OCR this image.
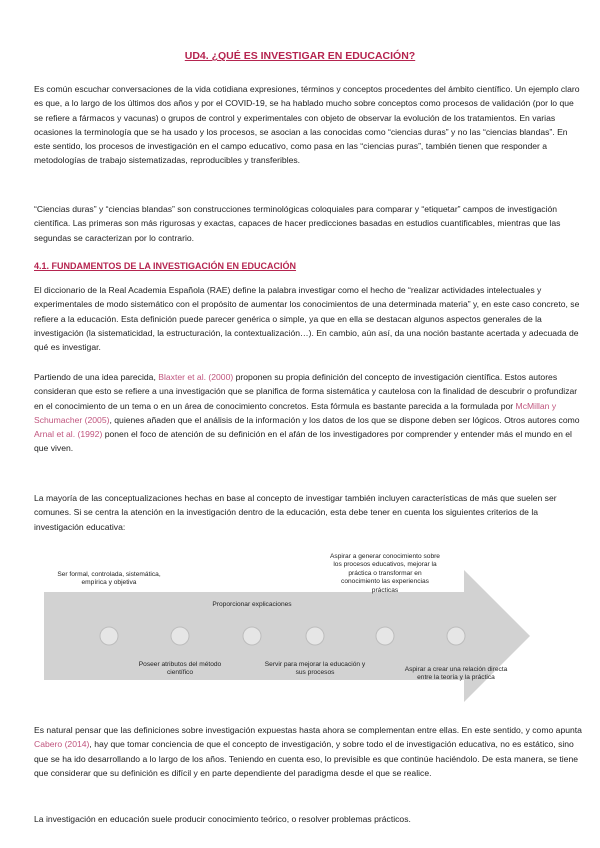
UD4. ¿QUÉ ES INVESTIGAR EN EDUCACIÓN?

Es común escuchar conversaciones de la vida cotidiana expresiones, términos y conceptos procedentes del ámbito científico. Un ejemplo claro es que, a lo largo de los últimos dos años y por el COVID-19, se ha hablado mucho sobre conceptos como procesos de validación (por lo que se refiere a fármacos y vacunas) o grupos de control y experimentales con objeto de observar la evolución de los tratamientos. En varias ocasiones la terminología que se ha usado y los procesos, se asocian a las conocidas como “ciencias duras” y no las “ciencias blandas”. En este sentido, los procesos de investigación en el campo educativo, como pasa en las “ciencias puras”, también tienen que responder a metodologías de trabajo sistematizadas, reproducibles y transferibles.

“Ciencias duras” y “ciencias blandas” son construcciones terminológicas coloquiales para comparar y “etiquetar” campos de investigación científica. Las primeras son más rigurosas y exactas, capaces de hacer predicciones basadas en estudios cuantificables, mientras que las segundas se caracterizan por lo contrario.

4.1. FUNDAMENTOS DE LA INVESTIGACIÓN EN EDUCACIÓN

El diccionario de la Real Academia Española (RAE) define la palabra investigar como el hecho de “realizar actividades intelectuales y experimentales de modo sistemático con el propósito de aumentar los conocimientos de una determinada materia” y, en este caso concreto, se refiere a la educación. Esta definición puede parecer genérica o simple, ya que en ella se destacan algunos aspectos generales de la investigación (la sistematicidad, la estructuración, la contextualización…). En cambio, aún así, da una noción bastante acertada y adecuada de qué es investigar.

Partiendo de una idea parecida, Blaxter et al. (2000) proponen su propia definición del concepto de investigación científica. Estos autores consideran que esto se refiere a una investigación que se planifica de forma sistemática y cautelosa con la finalidad de descubrir o profundizar en el conocimiento de un tema o en un área de conocimiento concretos. Esta fórmula es bastante parecida a la formulada por McMillan y Schumacher (2005), quienes añaden que el análisis de la información y los datos de los que se dispone deben ser lógicos. Otros autores como Arnal et al. (1992) ponen el foco de atención de su definición en el afán de los investigadores por comprender y entender más el mundo en el que viven.

La mayoría de las conceptualizaciones hechas en base al concepto de investigar también incluyen características de más que suelen ser comunes. Si se centra la atención en la investigación dentro de la educación, esta debe tener en cuenta los siguientes criterios de la investigación educativa:

Ser formal, controlada, sistemática, empírica y objetiva
Proporcionar explicaciones
Aspirar a generar conocimiento sobre los procesos educativos, mejorar la práctica o transformar en conocimiento las experiencias prácticas
Poseer atributos del método científico
Servir para mejorar la educación y sus procesos	Aspirar a crear una relación directa entre la teoría y la práctica

Es natural pensar que las definiciones sobre investigación expuestas hasta ahora se complementan entre ellas. En este sentido, y como apunta Cabero (2014), hay que tomar conciencia de que el concepto de investigación, y sobre todo el de investigación educativa, no es estático, sino que se ha ido desarrollando a lo largo de los años. Teniendo en cuenta eso, lo previsible es que continúe haciéndolo. De esta manera, se tiene que considerar que su definición es difícil y en parte dependiente del paradigma desde el que se realice.

La investigación en educación suele producir conocimiento teórico, o resolver problemas prácticos.
